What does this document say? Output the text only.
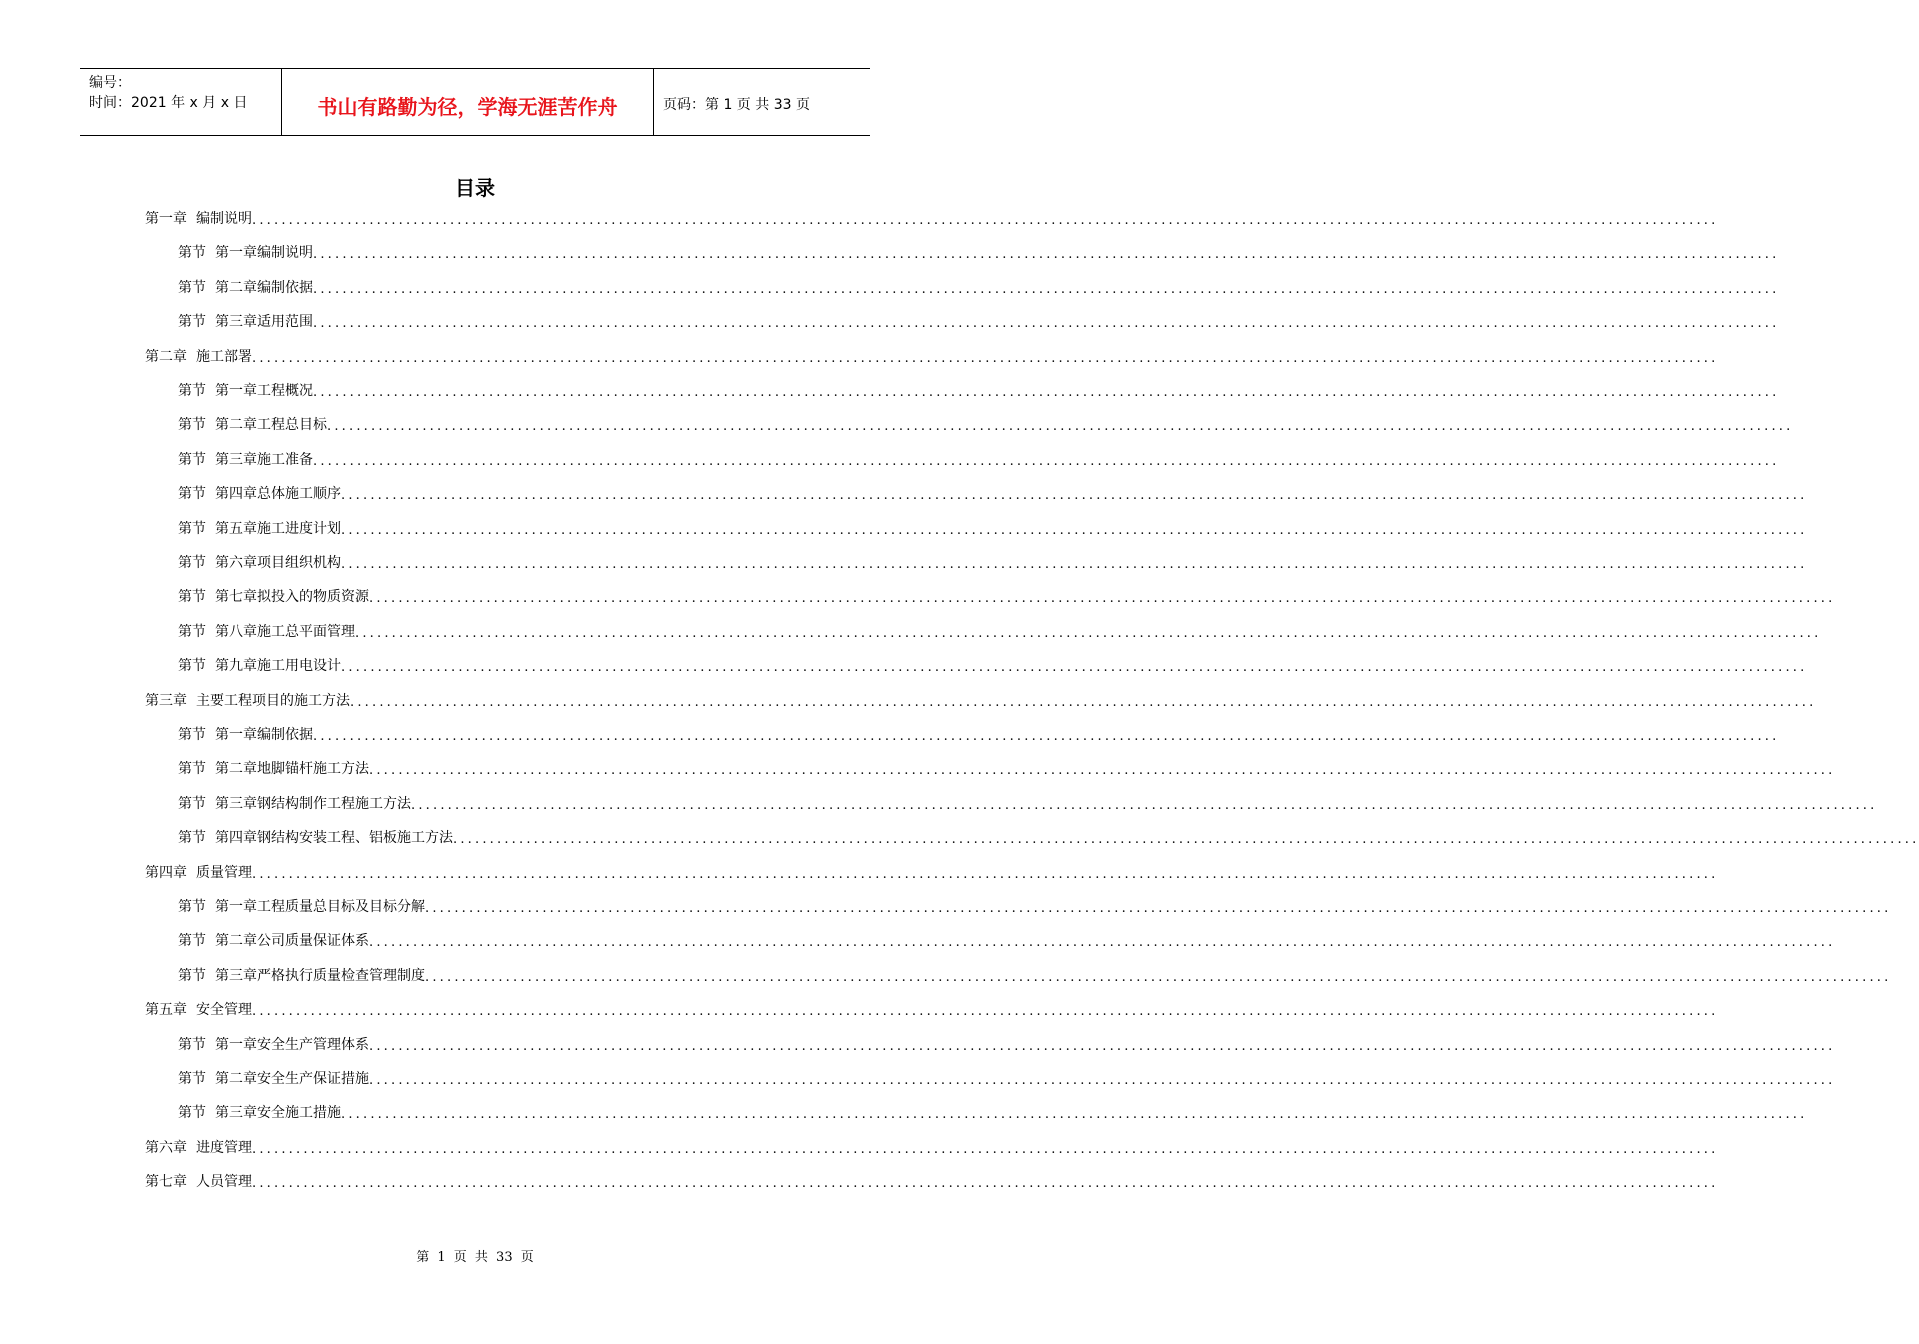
编号：
时间：2021 年 x 月 x 日	书山有路勤为径，学海无涯苦作舟	页码：第 1 页 共 33 页
目录
第一章 编制说明 ........................................................................................................................................................................................................
第节 第一章编制说明 ........................................................................................................................................................................................................
第节 第二章编制依据 ........................................................................................................................................................................................................
第节 第三章适用范围 ........................................................................................................................................................................................................
第二章 施工部署 ........................................................................................................................................................................................................
第节 第一章工程概况 ........................................................................................................................................................................................................
第节 第二章工程总目标 ........................................................................................................................................................................................................
第节 第三章施工准备 ........................................................................................................................................................................................................
第节 第四章总体施工顺序 ........................................................................................................................................................................................................
第节 第五章施工进度计划 ........................................................................................................................................................................................................
第节 第六章项目组织机构 ........................................................................................................................................................................................................
第节 第七章拟投入的物质资源 ........................................................................................................................................................................................................
第节 第八章施工总平面管理 ........................................................................................................................................................................................................
第节 第九章施工用电设计 ........................................................................................................................................................................................................
第三章 主要工程项目的施工方法 ........................................................................................................................................................................................................
第节 第一章编制依据 ........................................................................................................................................................................................................
第节 第二章地脚锚杆施工方法 ........................................................................................................................................................................................................
第节 第三章钢结构制作工程施工方法 ........................................................................................................................................................................................................
第节 第四章钢结构安装工程、铝板施工方法 ........................................................................................................................................................................................................
第四章 质量管理 ........................................................................................................................................................................................................
第节 第一章工程质量总目标及目标分解 ........................................................................................................................................................................................................
第节 第二章公司质量保证体系 ........................................................................................................................................................................................................
第节 第三章严格执行质量检查管理制度 ........................................................................................................................................................................................................
第五章 安全管理 ........................................................................................................................................................................................................
第节 第一章安全生产管理体系 ........................................................................................................................................................................................................
第节 第二章安全生产保证措施 ........................................................................................................................................................................................................
第节 第三章安全施工措施 ........................................................................................................................................................................................................
第六章 进度管理 ........................................................................................................................................................................................................
第七章 人员管理 ........................................................................................................................................................................................................
第 1 页 共 33 页
